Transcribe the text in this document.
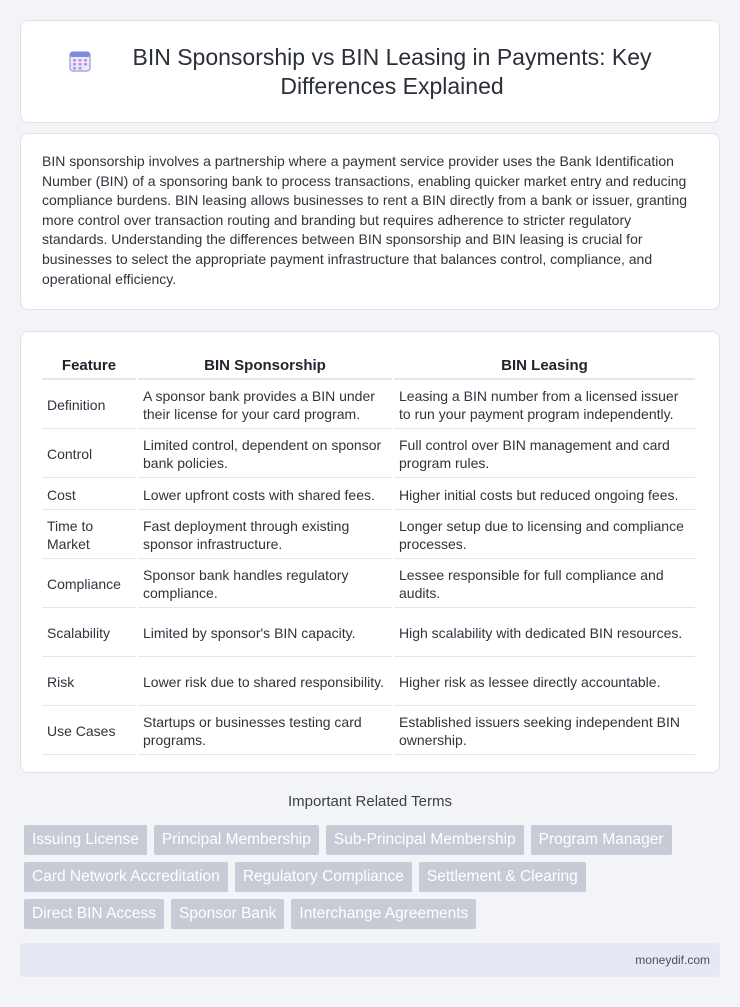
BIN Sponsorship vs BIN Leasing in Payments: Key Differences Explained

BIN sponsorship involves a partnership where a payment service provider uses the Bank Identification Number (BIN) of a sponsoring bank to process transactions, enabling quicker market entry and reducing compliance burdens. BIN leasing allows businesses to rent a BIN directly from a bank or issuer, granting more control over transaction routing and branding but requires adherence to stricter regulatory standards. Understanding the differences between BIN sponsorship and BIN leasing is crucial for businesses to select the appropriate payment infrastructure that balances control, compliance, and operational efficiency.

Feature	BIN Sponsorship	BIN Leasing
Definition	A sponsor bank provides a BIN under their license for your card program.	Leasing a BIN number from a licensed issuer to run your payment program independently.
Control	Limited control, dependent on sponsor bank policies.	Full control over BIN management and card program rules.
Cost	Lower upfront costs with shared fees.	Higher initial costs but reduced ongoing fees.
Time to Market	Fast deployment through existing sponsor infrastructure.	Longer setup due to licensing and compliance processes.
Compliance	Sponsor bank handles regulatory compliance.	Lessee responsible for full compliance and audits.
Scalability	Limited by sponsor's BIN capacity.	High scalability with dedicated BIN resources.
Risk	Lower risk due to shared responsibility.	Higher risk as lessee directly accountable.
Use Cases	Startups or businesses testing card programs.	Established issuers seeking independent BIN ownership.
Important Related Terms
Issuing License	Principal Membership	Sub-Principal Membership	Program Manager
Card Network Accreditation	Regulatory Compliance	Settlement & Clearing
Direct BIN Access	Sponsor Bank	Interchange Agreements
moneydif.com
